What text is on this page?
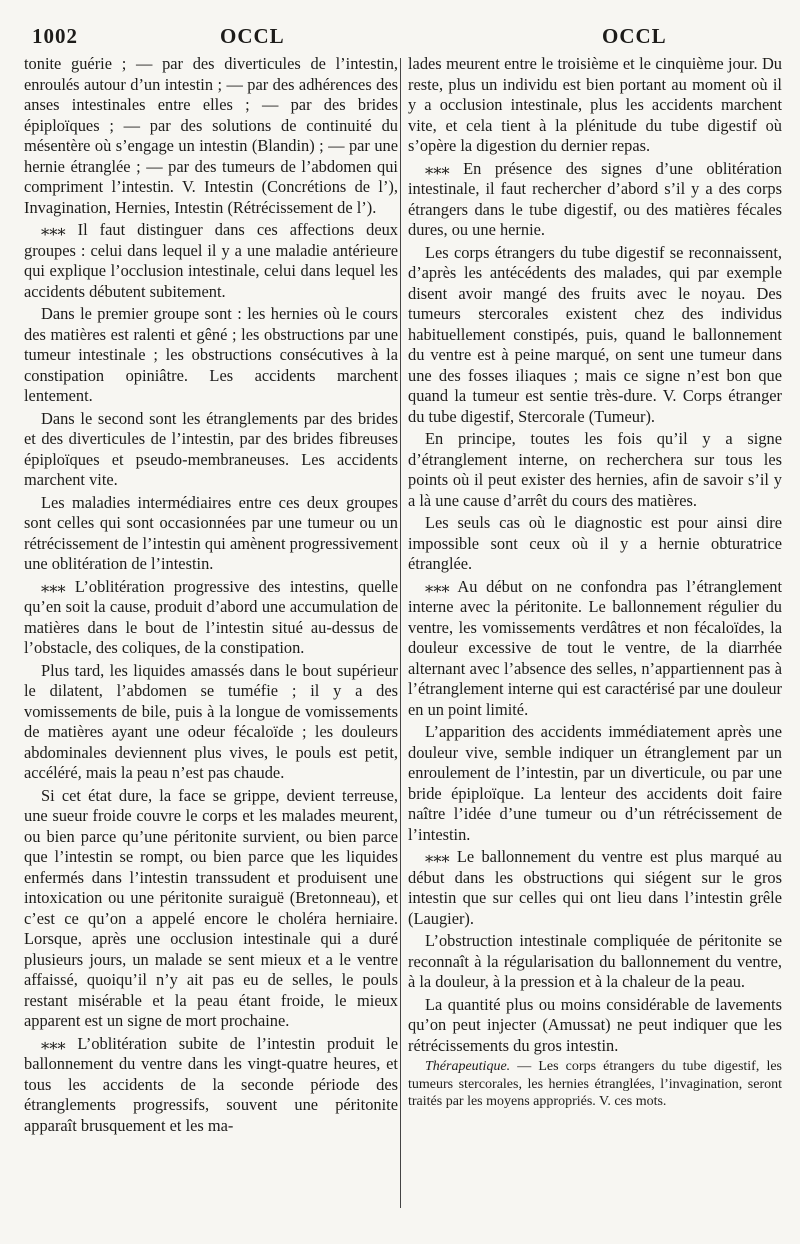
1002	OCCL	OCCL

tonite guérie ; — par des diverticules de l’intestin, enroulés autour d’un intestin ; — par des adhérences des anses intestinales entre elles ; — par des brides épiploïques ; — par des solutions de continuité du mésentère où s’engage un intestin (Blandin) ; — par une hernie étranglée ; — par des tumeurs de l’abdomen qui compriment l’intestin. V. Intestin (Concrétions de l’), Invagination, Hernies, Intestin (Rétrécissement de l’).

⁎⁎⁎ Il faut distinguer dans ces affections deux groupes : celui dans lequel il y a une maladie antérieure qui explique l’occlusion intestinale, celui dans lequel les accidents débutent subitement.

Dans le premier groupe sont : les hernies où le cours des matières est ralenti et gêné ; les obstructions par une tumeur intestinale ; les obstructions consécutives à la constipation opiniâtre. Les accidents marchent lentement.

Dans le second sont les étranglements par des brides et des diverticules de l’intestin, par des brides fibreuses épiploïques et pseudo-membraneuses. Les accidents marchent vite.

Les maladies intermédiaires entre ces deux groupes sont celles qui sont occasionnées par une tumeur ou un rétrécissement de l’intestin qui amènent progressivement une oblitération de l’intestin.

⁎⁎⁎ L’oblitération progressive des intestins, quelle qu’en soit la cause, produit d’abord une accumulation de matières dans le bout de l’intestin situé au-dessus de l’obstacle, des coliques, de la constipation.

Plus tard, les liquides amassés dans le bout supérieur le dilatent, l’abdomen se tuméfie ; il y a des vomissements de bile, puis à la longue de vomissements de matières ayant une odeur fécaloïde ; les douleurs abdominales deviennent plus vives, le pouls est petit, accéléré, mais la peau n’est pas chaude.

Si cet état dure, la face se grippe, devient terreuse, une sueur froide couvre le corps et les malades meurent, ou bien parce qu’une péritonite survient, ou bien parce que l’intestin se rompt, ou bien parce que les liquides enfermés dans l’intestin transsudent et produisent une intoxication ou une péritonite suraiguë (Bretonneau), et c’est ce qu’on a appelé encore le choléra herniaire. Lorsque, après une occlusion intestinale qui a duré plusieurs jours, un malade se sent mieux et a le ventre affaissé, quoiqu’il n’y ait pas eu de selles, le pouls restant misérable et la peau étant froide, le mieux apparent est un signe de mort prochaine.

⁎⁎⁎ L’oblitération subite de l’intestin produit le ballonnement du ventre dans les vingt-quatre heures, et tous les accidents de la seconde période des étranglements progressifs, souvent une péritonite apparaît brusquement et les ma-

lades meurent entre le troisième et le cinquième jour. Du reste, plus un individu est bien portant au moment où il y a occlusion intestinale, plus les accidents marchent vite, et cela tient à la plénitude du tube digestif où s’opère la digestion du dernier repas.

⁎⁎⁎ En présence des signes d’une oblitération intestinale, il faut rechercher d’abord s’il y a des corps étrangers dans le tube digestif, ou des matières fécales dures, ou une hernie.

Les corps étrangers du tube digestif se reconnaissent, d’après les antécédents des malades, qui par exemple disent avoir mangé des fruits avec le noyau. Des tumeurs stercorales existent chez des individus habituellement constipés, puis, quand le ballonnement du ventre est à peine marqué, on sent une tumeur dans une des fosses iliaques ; mais ce signe n’est bon que quand la tumeur est sentie très-dure. V. Corps étranger du tube digestif, Stercorale (Tumeur).

En principe, toutes les fois qu’il y a signe d’étranglement interne, on recherchera sur tous les points où il peut exister des hernies, afin de savoir s’il y a là une cause d’arrêt du cours des matières.

Les seuls cas où le diagnostic est pour ainsi dire impossible sont ceux où il y a hernie obturatrice étranglée.

⁎⁎⁎ Au début on ne confondra pas l’étranglement interne avec la péritonite. Le ballonnement régulier du ventre, les vomissements verdâtres et non fécaloïdes, la douleur excessive de tout le ventre, de la diarrhée alternant avec l’absence des selles, n’appartiennent pas à l’étranglement interne qui est caractérisé par une douleur en un point limité.

L’apparition des accidents immédiatement après une douleur vive, semble indiquer un étranglement par un enroulement de l’intestin, par un diverticule, ou par une bride épiploïque. La lenteur des accidents doit faire naître l’idée d’une tumeur ou d’un rétrécissement de l’intestin.

⁎⁎⁎ Le ballonnement du ventre est plus marqué au début dans les obstructions qui siégent sur le gros intestin que sur celles qui ont lieu dans l’intestin grêle (Laugier).

L’obstruction intestinale compliquée de péritonite se reconnaît à la régularisation du ballonnement du ventre, à la douleur, à la pression et à la chaleur de la peau.

La quantité plus ou moins considérable de lavements qu’on peut injecter (Amussat) ne peut indiquer que les rétrécissements du gros intestin.

Thérapeutique. — Les corps étrangers du tube digestif, les tumeurs stercorales, les hernies étranglées, l’invagination, seront traités par les moyens appropriés. V. ces mots.
